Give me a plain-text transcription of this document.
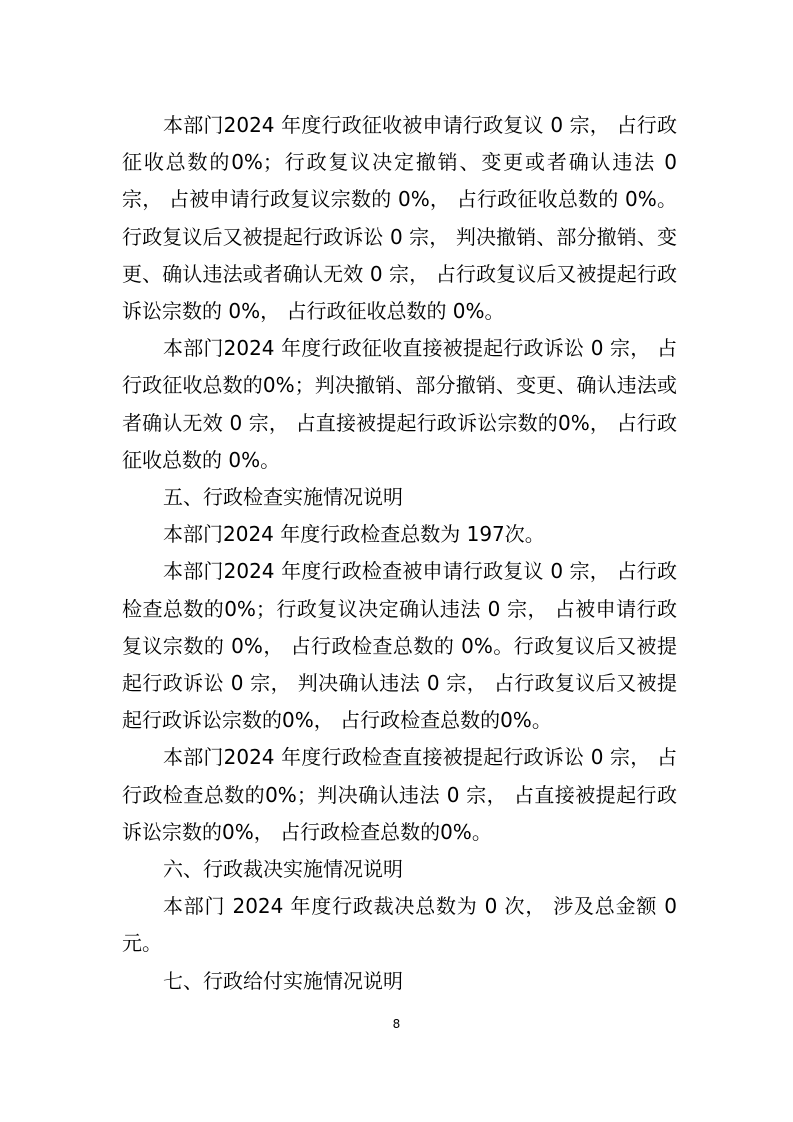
本部门2024 年度行政征收被申请行政复议 0 宗， 占行政征收总数的0%；行政复议决定撤销、变更或者确认违法 0 宗， 占被申请行政复议宗数的 0%， 占行政征收总数的 0%。行政复议后又被提起行政诉讼 0 宗， 判决撤销、部分撤销、变更、确认违法或者确认无效 0 宗， 占行政复议后又被提起行政诉讼宗数的 0%， 占行政征收总数的 0%。

本部门2024 年度行政征收直接被提起行政诉讼 0 宗， 占行政征收总数的0%；判决撤销、部分撤销、变更、确认违法或者确认无效 0 宗， 占直接被提起行政诉讼宗数的0%， 占行政征收总数的 0%。

五、行政检查实施情况说明

本部门2024 年度行政检查总数为 197次。

本部门2024 年度行政检查被申请行政复议 0 宗， 占行政检查总数的0%；行政复议决定确认违法 0 宗， 占被申请行政复议宗数的 0%， 占行政检查总数的 0%。行政复议后又被提起行政诉讼 0 宗， 判决确认违法 0 宗， 占行政复议后又被提起行政诉讼宗数的0%， 占行政检查总数的0%。

本部门2024 年度行政检查直接被提起行政诉讼 0 宗， 占行政检查总数的0%；判决确认违法 0 宗， 占直接被提起行政诉讼宗数的0%， 占行政检查总数的0%。

六、行政裁决实施情况说明

本部门 2024 年度行政裁决总数为 0 次， 涉及总金额 0 元。

七、行政给付实施情况说明

8
